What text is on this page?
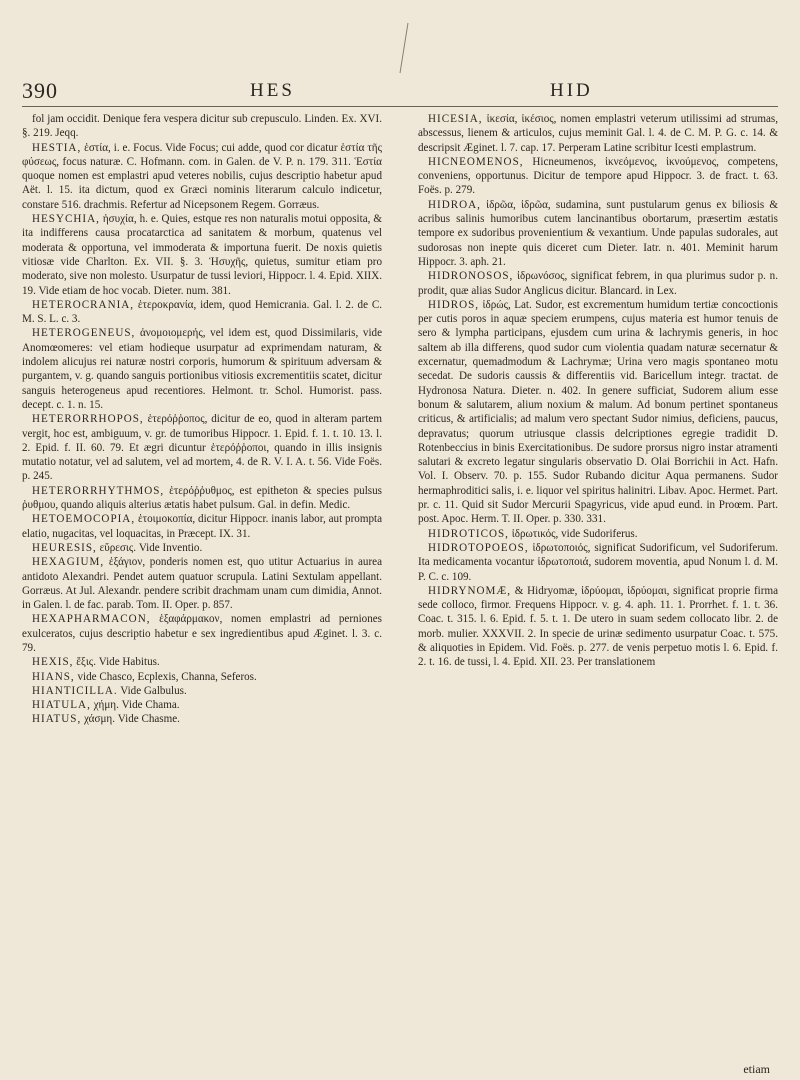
390	HES	HID

fol jam occidit. Denique fera vespera dicitur sub crepusculo. Linden. Ex. XVI. §. 219. Jeqq.

HESTIA, ἑστία, i. e. Focus. Vide Focus; cui adde, quod cor dicatur ἑστία τῆς φύσεως, focus naturæ. C. Hofmann. com. in Galen. de V. P. n. 179. 311. Ἑστία quoque nomen est emplastri apud veteres nobilis, cujus descriptio habetur apud Aët. l. 15. ita dictum, quod ex Græci nominis literarum calculo indicetur, constare 516. drachmis. Refertur ad Nicepsonem Regem. Gorræus.

HESYCHIA, ἡσυχία, h. e. Quies, estque res non naturalis motui opposita, & ita indifferens causa procatarctica ad sanitatem & morbum, quatenus vel moderata & opportuna, vel immoderata & importuna fuerit. De noxis quietis vitiosæ vide Charlton. Ex. VII. §. 3. Ἡσυχῆς, quietus, sumitur etiam pro moderato, sive non molesto. Usurpatur de tussi leviori, Hippocr. l. 4. Epid. XIIX. 19. Vide etiam de hoc vocab. Dieter. num. 381.

HETEROCRANIA, ἑτεροκρανία, idem, quod Hemicrania. Gal. l. 2. de C. M. S. L. c. 3.

HETEROGENEUS, ἀνομοιομερής, vel idem est, quod Dissimilaris, vide Anomœomeres: vel etiam hodieque usurpatur ad exprimendam naturam, & indolem alicujus rei naturæ nostri corporis, humorum & spirituum adversam & purgantem, v. g. quando sanguis portionibus vitiosis excrementitiis scatet, dicitur sanguis heterogeneus apud recentiores. Helmont. tr. Schol. Humorist. pass. decept. c. 1. n. 15.

HETERORRHOPOS, ἑτερόῤῥοπος, dicitur de eo, quod in alteram partem vergit, hoc est, ambiguum, v. gr. de tumoribus Hippocr. 1. Epid. f. 1. t. 10. 13. l. 2. Epid. f. II. 60. 79. Et ægri dicuntur ἑτερόῤῥοποι, quando in illis insignis mutatio notatur, vel ad salutem, vel ad mortem, 4. de R. V. I. A. t. 56. Vide Foës. p. 245.

HETERORRHYTHMOS, ἑτερόῤῥυθμος, est epitheton & species pulsus ῥυθμου, quando aliquis alterius ætatis habet pulsum. Gal. in defin. Medic.

HETOEMOCOPIA, ἑτοιμοκοπία, dicitur Hippocr. inanis labor, aut prompta elatio, nugacitas, vel loquacitas, in Præcept. IX. 31.

HEURESIS, εὕρεσις. Vide Inventio.

HEXAGIUM, ἑξάγιον, ponderis nomen est, quo utitur Actuarius in aurea antidoto Alexandri. Pendet autem quatuor scrupula. Latini Sextulam appellant. Gorræus. At Jul. Alexandr. pendere scribit drachmam unam cum dimidia, Annot. in Galen. l. de fac. parab. Tom. II. Oper. p. 857.

HEXAPHARMACON, ἑξαφάρμακον, nomen emplastri ad perniones exulceratos, cujus descriptio habetur e sex ingredientibus apud Æginet. l. 3. c. 79.

HEXIS, ἕξις. Vide Habitus.

HIANS, vide Chasco, Ecplexis, Channa, Seferos.

HIANTICILLA. Vide Galbulus.

HIATULA, χήμη. Vide Chama.

HIATUS, χάσμη. Vide Chasme.

HICESIA, ἱκεσία, ἱκέσιος, nomen emplastri veterum utilissimi ad strumas, abscessus, lienem & articulos, cujus meminit Gal. l. 4. de C. M. P. G. c. 14. & descripsit Æginet. l. 7. cap. 17. Perperam Latine scribitur Icesti emplastrum.

HICNEOMENOS, Hicneumenos, ἱκνεόμενος, ἱκνούμενος, competens, conveniens, opportunus. Dicitur de tempore apud Hippocr. 3. de fract. t. 63. Foës. p. 279.

HIDROA, ἱδρῶα, ἱδρῶα, sudamina, sunt pustularum genus ex biliosis & acribus salinis humoribus cutem lancinantibus obortarum, præsertim æstatis tempore ex sudoribus provenientium & vexantium. Unde papulas sudorales, aut sudorosas non inepte quis diceret cum Dieter. Iatr. n. 401. Meminit harum Hippocr. 3. aph. 21.

HIDRONOSOS, ἱδρωνόσος, significat febrem, in qua plurimus sudor p. n. prodit, quæ alias Sudor Anglicus dicitur. Blancard. in Lex.

HIDROS, ἱδρώς, Lat. Sudor, est excrementum humidum tertiæ concoctionis per cutis poros in aquæ speciem erumpens, cujus materia est humor tenuis de sero & lympha participans, ejusdem cum urina & lachrymis generis, in hoc saltem ab illa differens, quod sudor cum violentia quadam naturæ secernatur & excernatur, quemadmodum & Lachrymæ; Urina vero magis spontaneo motu secedat. De sudoris caussis & differentiis vid. Baricellum integr. tractat. de Hydronosa Natura. Dieter. n. 402. In genere sufficiat, Sudorem alium esse bonum & salutarem, alium noxium & malum. Ad bonum pertinet spontaneus criticus, & artificialis; ad malum vero spectant Sudor nimius, deficiens, paucus, depravatus; quorum utriusque classis delcriptiones egregie tradidit D. Rotenbeccius in binis Exercitationibus. De sudore prorsus nigro instar atramenti salutari & excreto legatur singularis observatio D. Olai Borrichii in Act. Hafn. Vol. I. Observ. 70. p. 155. Sudor Rubando dicitur Aqua permanens. Sudor hermaphroditici salis, i. e. liquor vel spiritus halinitri. Libav. Apoc. Hermet. Part. pr. c. 11. Quid sit Sudor Mercurii Spagyricus, vide apud eund. in Proœm. Part. post. Apoc. Herm. T. II. Oper. p. 330. 331.

HIDROTICOS, ἱδρωτικός, vide Sudoriferus.

HIDROTOPOEOS, ἱδρωτοποιός, significat Sudorificum, vel Sudoriferum. Ita medicamenta vocantur ἱδρωτοποιά, sudorem moventia, apud Nonum l. d. M. P. C. c. 109.

HIDRYNOMÆ, & Hidryomæ, ἱδρύομαι, ἱδρύομαι, significat proprie firma sede colloco, firmor. Frequens Hippocr. v. g. 4. aph. 11. 1. Prorrhet. f. 1. t. 36. Coac. t. 315. l. 6. Epid. f. 5. t. 1. De utero in suam sedem collocato libr. 2. de morb. mulier. XXXVII. 2. In specie de urinæ sedimento usurpatur Coac. t. 575. & aliquoties in Epidem. Vid. Foës. p. 277. de venis perpetuo motis l. 6. Epid. f. 2. t. 16. de tussi, l. 4. Epid. XII. 23. Per translationem

etiam
